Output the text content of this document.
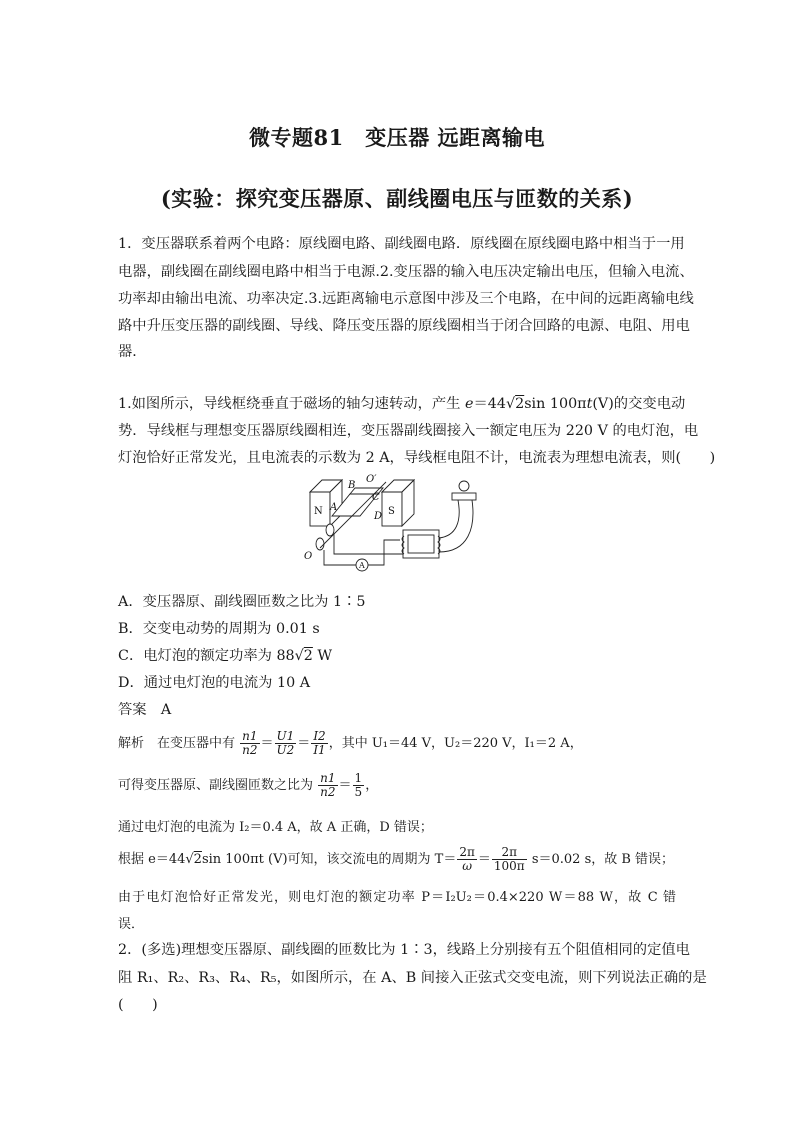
微专题81　变压器 远距离输电
(实验：探究变压器原、副线圈电压与匝数的关系)
1．变压器联系着两个电路：原线圈电路、副线圈电路．原线圈在原线圈电路中相当于一用
电器，副线圈在副线圈电路中相当于电源.2.变压器的输入电压决定输出电压，但输入电流、
功率却由输出电流、功率决定.3.远距离输电示意图中涉及三个电路，在中间的远距离输电线
路中升压变压器的副线圈、导线、降压变压器的原线圈相当于闭合回路的电源、电阻、用电
器．
1.如图所示，导线框绕垂直于磁场的轴匀速转动，产生 e＝44√2sin 100πt(V)的交变电动
势．导线框与理想变压器原线圈相连，变压器副线圈接入一额定电压为 220 V 的电灯泡，电
灯泡恰好正常发光，且电流表的示数为 2 A，导线框电阻不计，电流表为理想电流表，则(　　)
N	S
A
B
C
D
O
O′
A
A．变压器原、副线圈匝数之比为 1∶5
B．交变电动势的周期为 0.01 s
C．电灯泡的额定功率为 88√2 W
D．通过电灯泡的电流为 10 A
答案　A
解析　在变压器中有 $\frac{n1}{n2} = \frac{U1}{U2} = \frac{I2}{I1}$ ，其中 U₁＝44 V，U₂＝220 V，I₁＝2 A，
可得变压器原、副线圈匝数之比为 $\frac{n1}{n2} = \frac{1}{5}$ ，
通过电灯泡的电流为 I₂＝0.4 A，故 A 正确，D 错误；
根据 e＝44√2sin 100πt (V)可知，该交流电的周期为 $T= \frac{2\pi}{\omega} = \frac{2\pi}{100\pi} s=0.02$ s，故 B 错误；
由于电灯泡恰好正常发光，则电灯泡的额定功率 P＝I₂U₂＝0.4×220 W＝88 W，故 C 错
误．
2．(多选)理想变压器原、副线圈的匝数比为 1∶3，线路上分别接有五个阻值相同的定值电
阻 R₁、R₂、R₃、R₄、R₅，如图所示，在 A、B 间接入正弦式交变电流，则下列说法正确的是
(　　)
